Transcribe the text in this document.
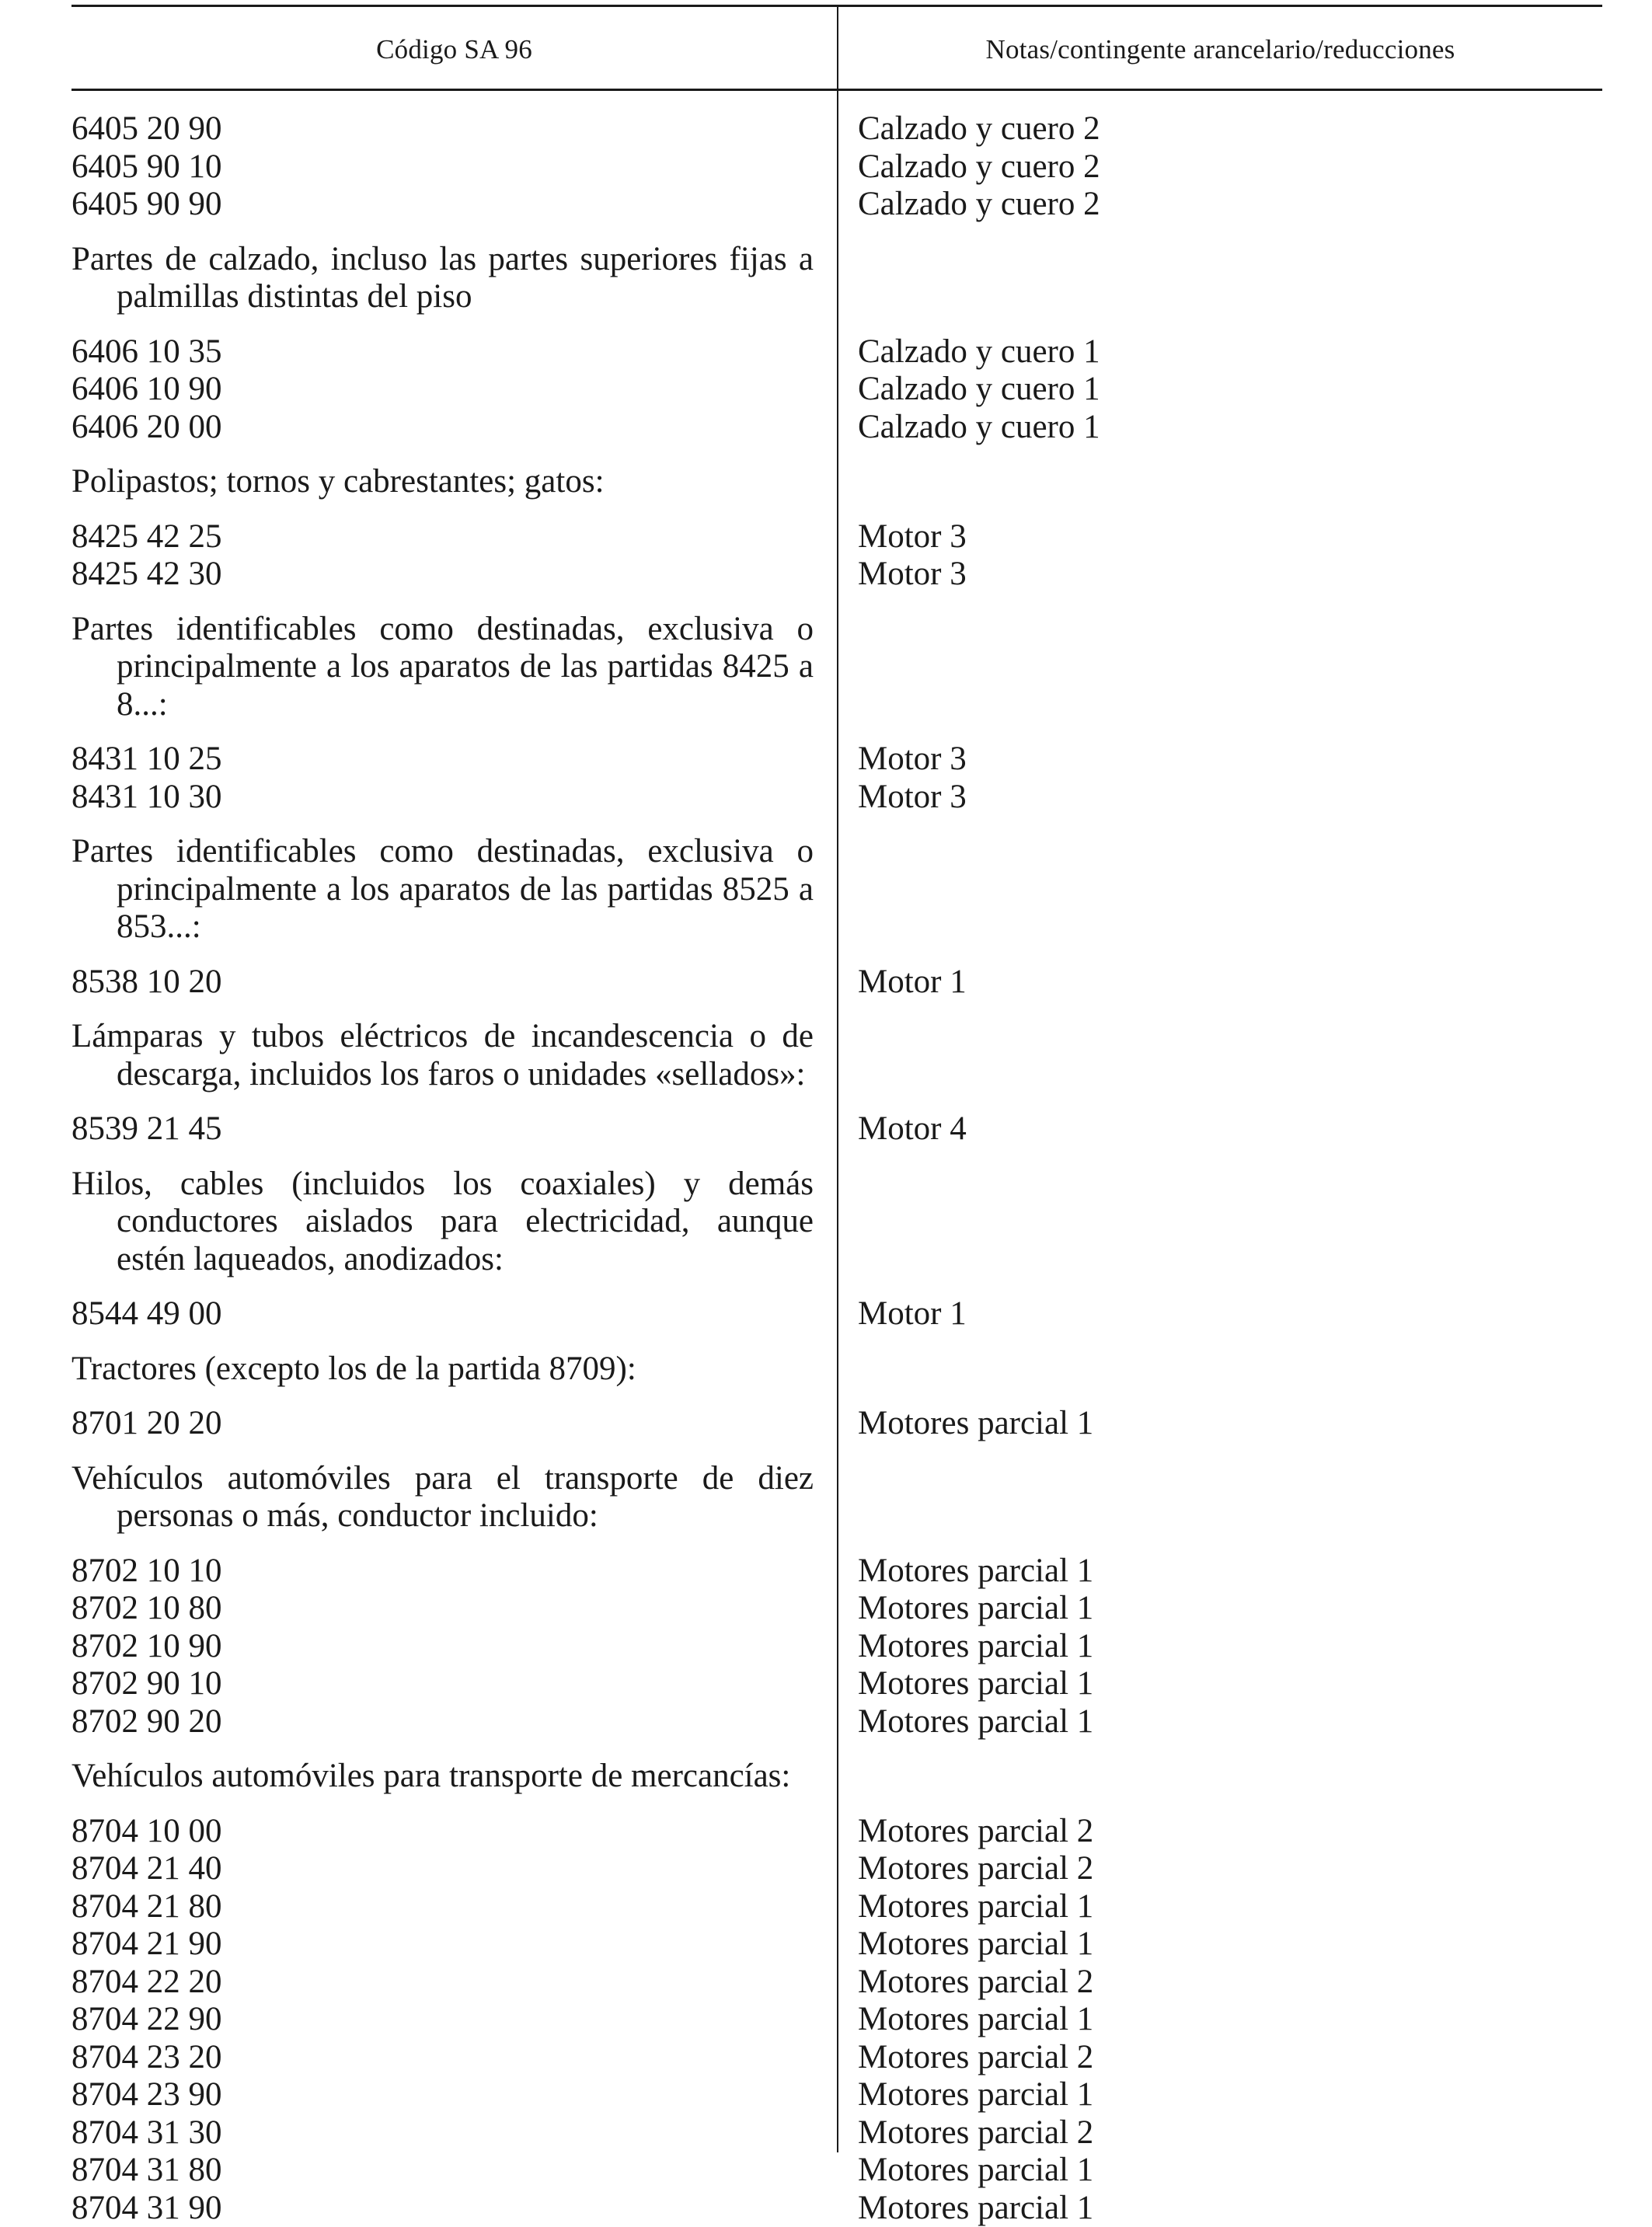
Código SA 96	Notas/contingente arancelario/reducciones
6405 20 90	Calzado y cuero 2
6405 90 10	Calzado y cuero 2
6405 90 90	Calzado y cuero 2
Partes de calzado, incluso las partes superiores fijas a palmillas distintas del piso
6406 10 35	Calzado y cuero 1
6406 10 90	Calzado y cuero 1
6406 20 00	Calzado y cuero 1
Polipastos; tornos y cabrestantes; gatos:
8425 42 25	Motor 3
8425 42 30	Motor 3
Partes identificables como destinadas, exclusiva o principalmente a los aparatos de las partidas 8425 a 8...:
8431 10 25	Motor 3
8431 10 30	Motor 3
Partes identificables como destinadas, exclusiva o principalmente a los aparatos de las partidas 8525 a 853...:
8538 10 20	Motor 1
Lámparas y tubos eléctricos de incandescencia o de descarga, incluidos los faros o unidades «sellados»:
8539 21 45	Motor 4
Hilos, cables (incluidos los coaxiales) y demás conductores aislados para electricidad, aunque estén laqueados, anodizados:
8544 49 00	Motor 1
Tractores (excepto los de la partida 8709):
8701 20 20	Motores parcial 1
Vehículos automóviles para el transporte de diez personas o más, conductor incluido:
8702 10 10	Motores parcial 1
8702 10 80	Motores parcial 1
8702 10 90	Motores parcial 1
8702 90 10	Motores parcial 1
8702 90 20	Motores parcial 1
Vehículos automóviles para transporte de mercancías:
8704 10 00	Motores parcial 2
8704 21 40	Motores parcial 2
8704 21 80	Motores parcial 1
8704 21 90	Motores parcial 1
8704 22 20	Motores parcial 2
8704 22 90	Motores parcial 1
8704 23 20	Motores parcial 2
8704 23 90	Motores parcial 1
8704 31 30	Motores parcial 2
8704 31 80	Motores parcial 1
8704 31 90	Motores parcial 1
